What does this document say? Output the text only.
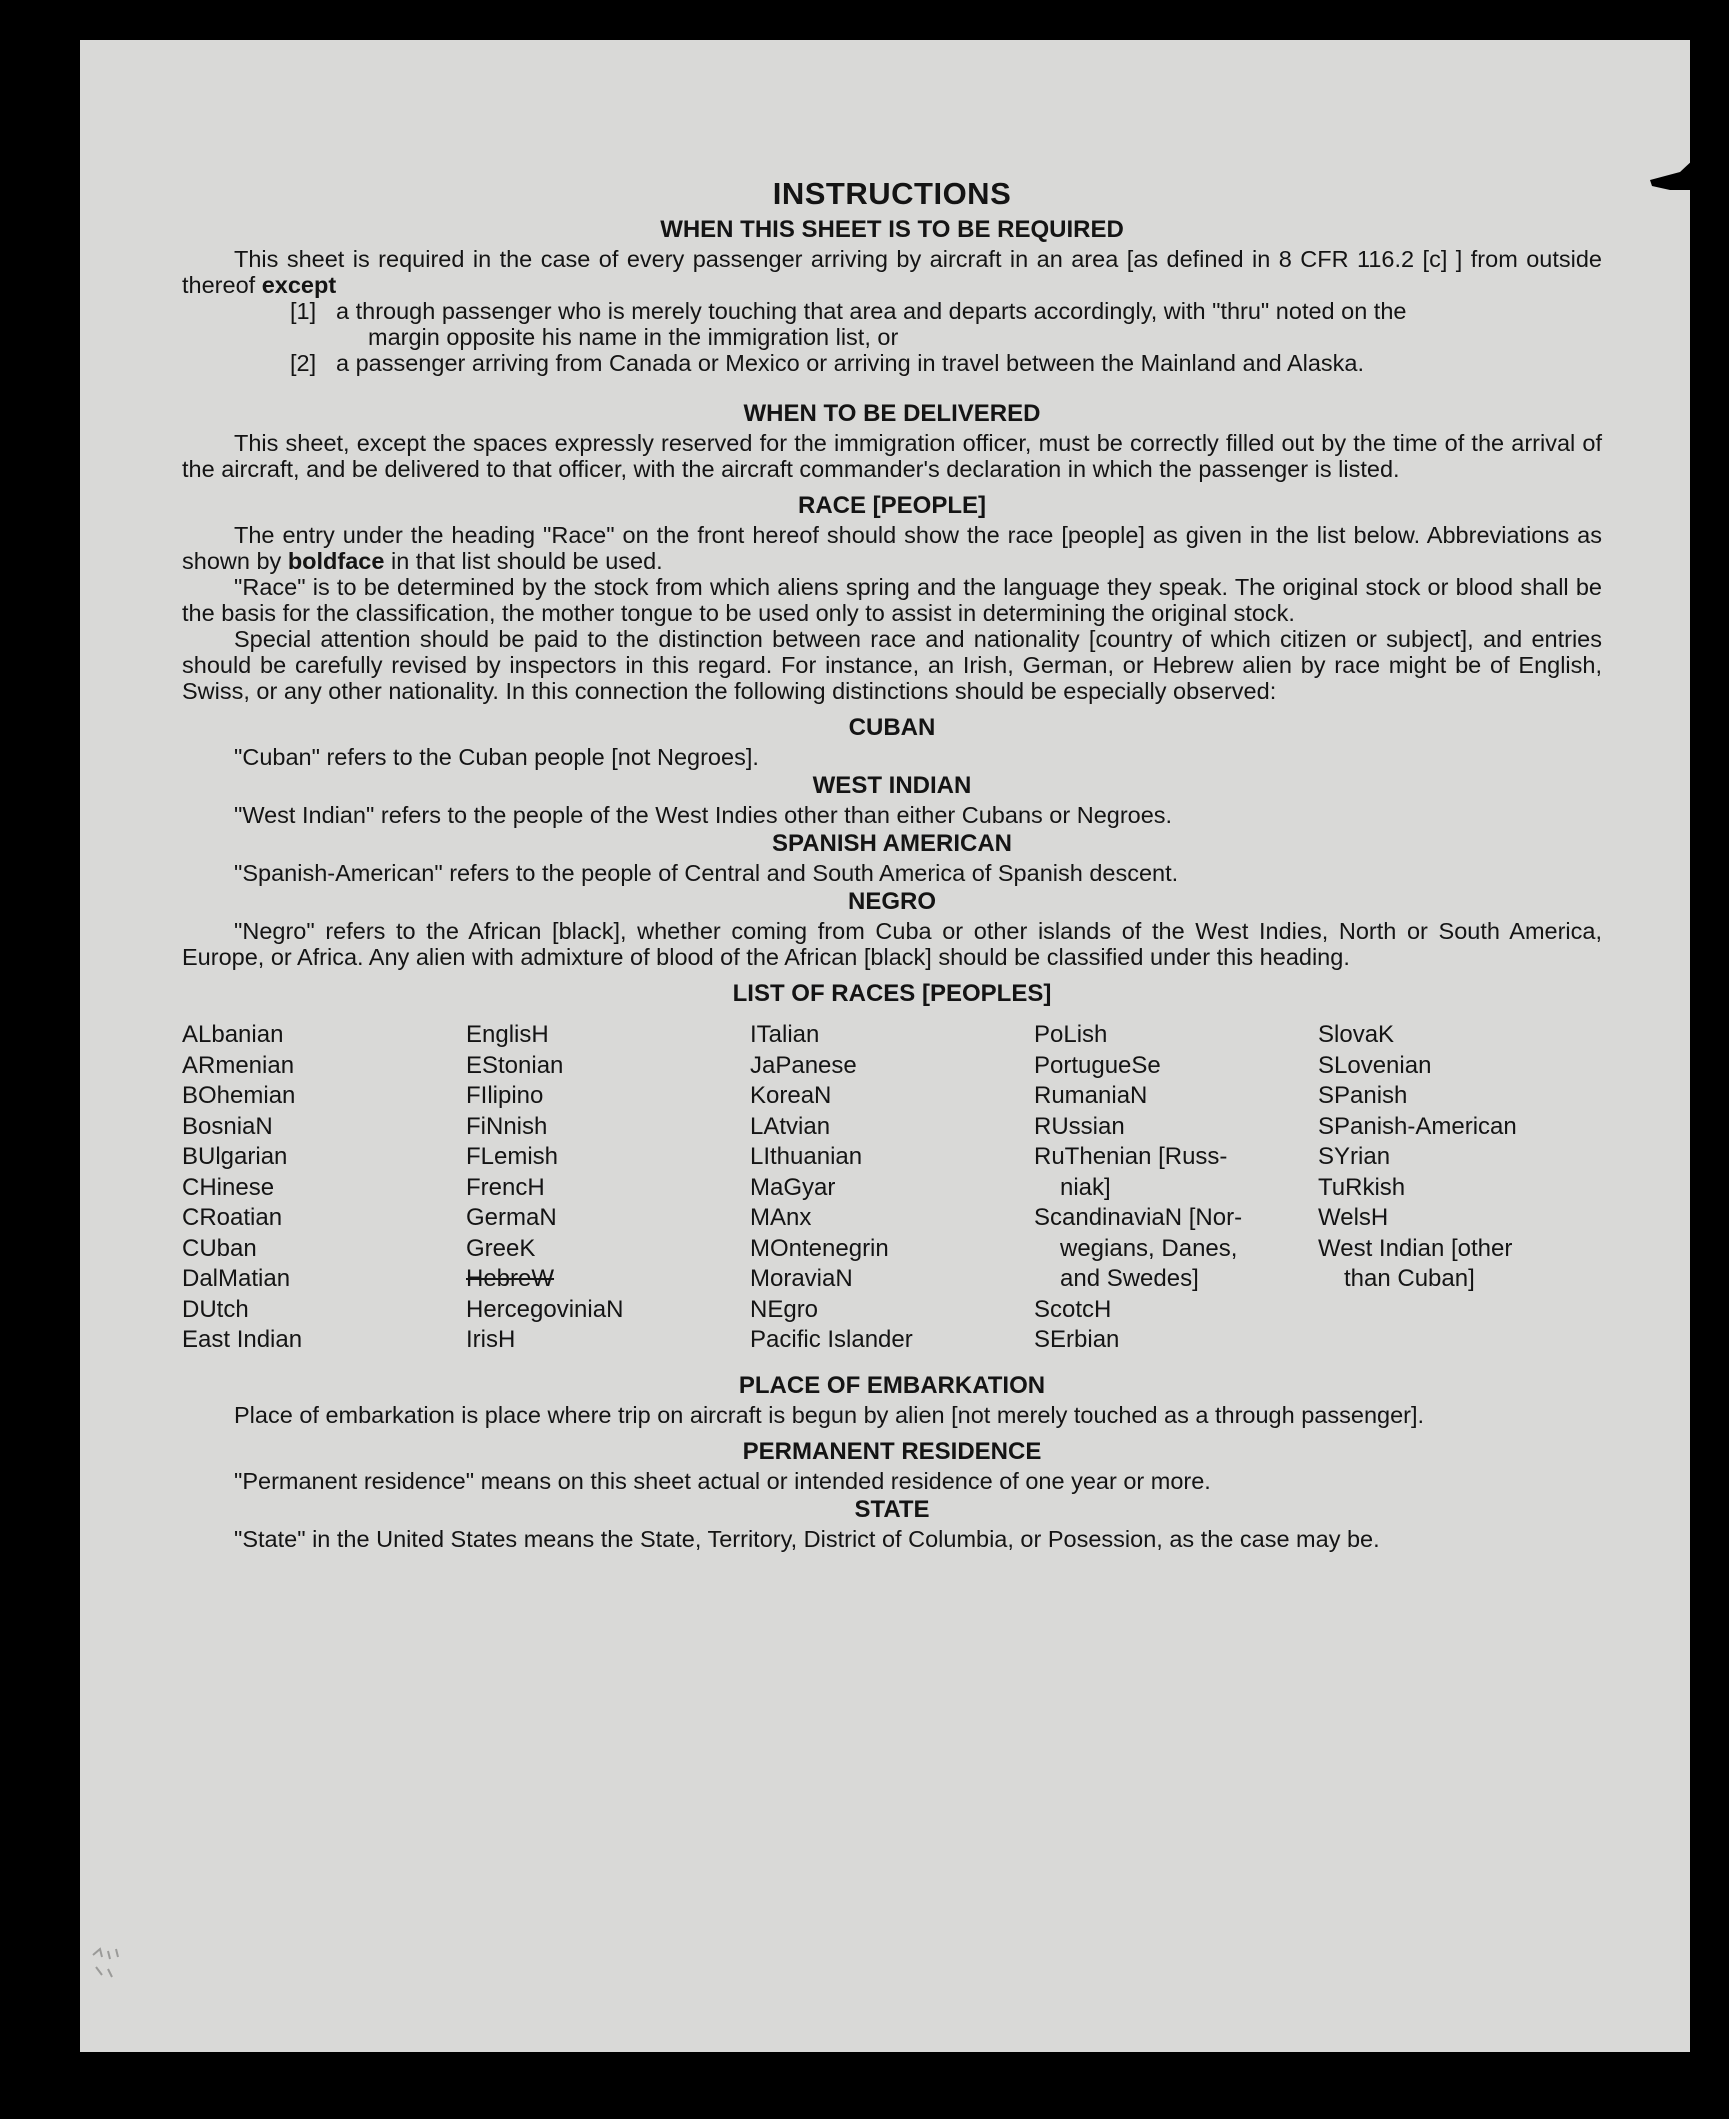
INSTRUCTIONS
WHEN THIS SHEET IS TO BE REQUIRED

This sheet is required in the case of every passenger arriving by aircraft in an area [as defined in 8 CFR 116.2 [c] ] from outside thereof except

[1] a through passenger who is merely touching that area and departs accordingly, with "thru" noted on the
margin opposite his name in the immigration list, or
[2] a passenger arriving from Canada or Mexico or arriving in travel between the Mainland and Alaska.
WHEN TO BE DELIVERED

This sheet, except the spaces expressly reserved for the immigration officer, must be correctly filled out by the time of the arrival of the aircraft, and be delivered to that officer, with the aircraft commander's declaration in which the passenger is listed.

RACE [PEOPLE]

The entry under the heading "Race" on the front hereof should show the race [people] as given in the list below. Abbreviations as shown by boldface in that list should be used.

"Race" is to be determined by the stock from which aliens spring and the language they speak. The original stock or blood shall be the basis for the classification, the mother tongue to be used only to assist in determining the original stock.

Special attention should be paid to the distinction between race and nationality [country of which citizen or subject], and entries should be carefully revised by inspectors in this regard. For instance, an Irish, German, or Hebrew alien by race might be of English, Swiss, or any other nationality. In this connection the following distinctions should be especially observed:

CUBAN

"Cuban" refers to the Cuban people [not Negroes].

WEST INDIAN

"West Indian" refers to the people of the West Indies other than either Cubans or Negroes.

SPANISH AMERICAN

"Spanish-American" refers to the people of Central and South America of Spanish descent.

NEGRO

"Negro" refers to the African [black], whether coming from Cuba or other islands of the West Indies, North or South America, Europe, or Africa. Any alien with admixture of blood of the African [black] should be classified under this heading.

LIST OF RACES [PEOPLES]
ALbanian
ARmenian
BOhemian
BosniaN
BUlgarian
CHinese
CRoatian
CUban
DalMatian
DUtch
East Indian
EnglisH
EStonian
FIlipino
FiNnish
FLemish
FrencH
GermaN
GreeK
HebreW
HercegoviniaN
IrisH
ITalian
JaPanese
KoreaN
LAtvian
LIthuanian
MaGyar
MAnx
MOntenegrin
MoraviaN
NEgro
Pacific Islander
PoLish
PortugueSe
RumaniaN
RUssian
RuThenian [Russ-
niak]
ScandinaviaN [Nor-
wegians, Danes,
and Swedes]
ScotcH
SErbian
SlovaK
SLovenian
SPanish
SPanish-American
SYrian
TuRkish
WelsH
West Indian [other
than Cuban]
PLACE OF EMBARKATION

Place of embarkation is place where trip on aircraft is begun by alien [not merely touched as a through passenger].

PERMANENT RESIDENCE

"Permanent residence" means on this sheet actual or intended residence of one year or more.

STATE

"State" in the United States means the State, Territory, District of Columbia, or Posession, as the case may be.
